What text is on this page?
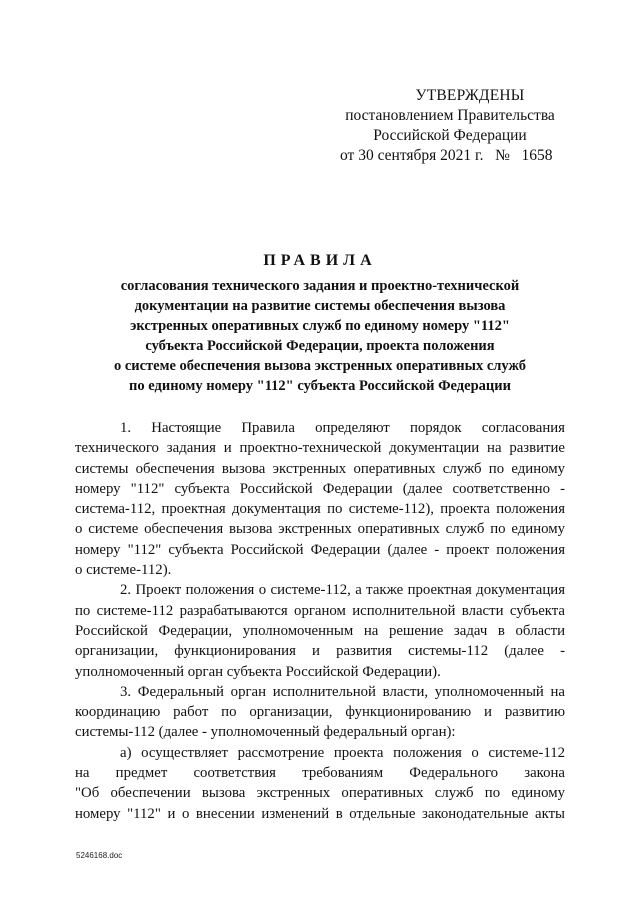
УТВЕРЖДЕНЫ
постановлением Правительства
Российской Федерации
от 30 сентября 2021 г.   №   1658
ПРАВИЛА
согласования технического задания и проектно-технической
документации на развитие системы обеспечения вызова
экстренных оперативных служб по единому номеру "112"
субъекта Российской Федерации, проекта положения
о системе обеспечения вызова экстренных оперативных служб
по единому номеру "112" субъекта Российской Федерации
1. Настоящие Правила определяют порядок согласования
технического задания и проектно-технической документации на развитие
системы обеспечения вызова экстренных оперативных служб по единому
номеру "112" субъекта Российской Федерации (далее соответственно -
система-112, проектная документация по системе-112), проекта положения
о системе обеспечения вызова экстренных оперативных служб по единому
номеру "112" субъекта Российской Федерации (далее - проект положения
о системе-112).
2. Проект положения о системе-112, а также проектная документация
по системе-112 разрабатываются органом исполнительной власти субъекта
Российской Федерации, уполномоченным на решение задач в области
организации, функционирования и развития системы-112 (далее -
уполномоченный орган субъекта Российской Федерации).
3. Федеральный орган исполнительной власти, уполномоченный на
координацию работ по организации, функционированию и развитию
системы-112 (далее - уполномоченный федеральный орган):
а) осуществляет рассмотрение проекта положения о системе-112
на предмет соответствия требованиям Федерального закона
"Об обеспечении вызова экстренных оперативных служб по единому
номеру "112" и о внесении изменений в отдельные законодательные акты
5246168.doc
